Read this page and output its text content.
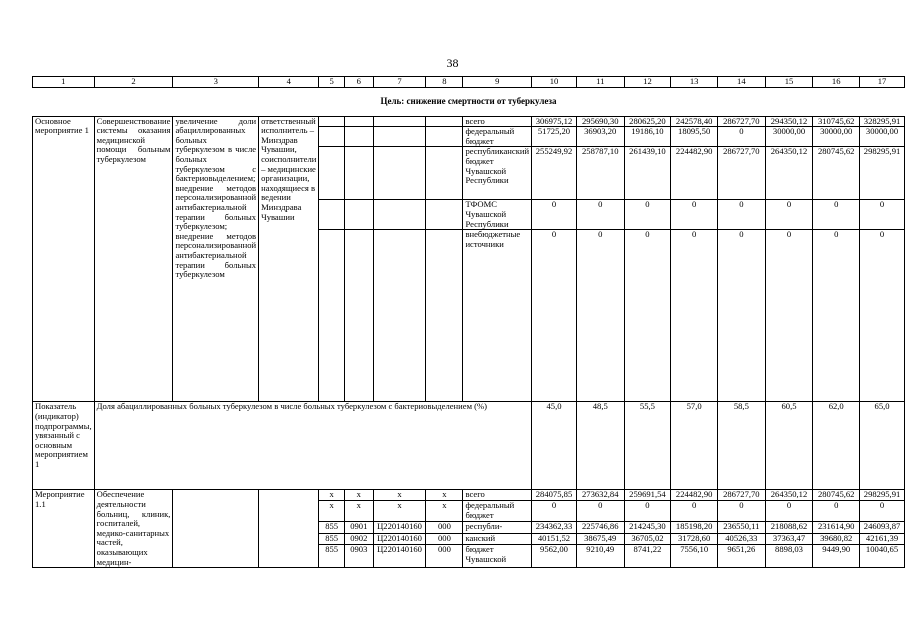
38
1	2	3	4	5	6	7	8	9	10	11	12	13	14	15	16	17
Цель: снижение смертности от туберкулеза																
Основное мероприятие 1	Совершенствование системы оказания медицинской помощи больным туберкулезом	увеличение доли абациллированных больных туберкулезом в числе больных туберкулезом с бактериовыделением; внедрение методов персонализированной антибактериальной терапии больных туберкулезом; внедрение методов персонализированной антибактериальной терапии больных туберкулезом	ответственный исполнитель – Минздрав Чувашии, соисполнители – медицинские организации, находящиеся в ведении Минздрава Чувашии					всего	306975,12	295690,30	280625,20	242578,40	286727,70	294350,12	310745,62	328295,91
								федеральный бюджет	51725,20	36903,20	19186,10	18095,50	0	30000,00	30000,00	30000,00
								республиканский бюджет Чувашской Республики	255249,92	258787,10	261439,10	224482,90	286727,70	264350,12	280745,62	298295,91
								ТФОМС Чувашской Республики	0	0	0	0	0	0	0	0
								внебюджетные источники	0	0	0	0	0	0	0	0
Показатель (индикатор) подпрограммы, увязанный с основным мероприятием 1	Доля абациллированных больных туберкулезом в числе больных туберкулезом с бактериовыделением (%)								45,0	48,5	55,5	57,0	58,5	60,5	62,0	65,0
Мероприятие 1.1	Обеспечение деятельности больниц, клиник, госпиталей, медико-санитарных частей, оказывающих медицин-			x	x	x	x	всего	284075,85	273632,84	259691,54	224482,90	286727,70	264350,12	280745,62	298295,91
				x	x	x	x	федеральный бюджет	0	0	0	0	0	0	0	0
				855	0901	Ц220140160	000	республи-	234362,33	225746,86	214245,30	185198,20	236550,11	218088,62	231614,90	246093,87
				855	0902	Ц220140160	000	канский	40151,52	38675,49	36705,02	31728,60	40526,33	37363,47	39680,82	42161,39
				855	0903	Ц220140160	000	бюджет Чувашской	9562,00	9210,49	8741,22	7556,10	9651,26	8898,03	9449,90	10040,65
